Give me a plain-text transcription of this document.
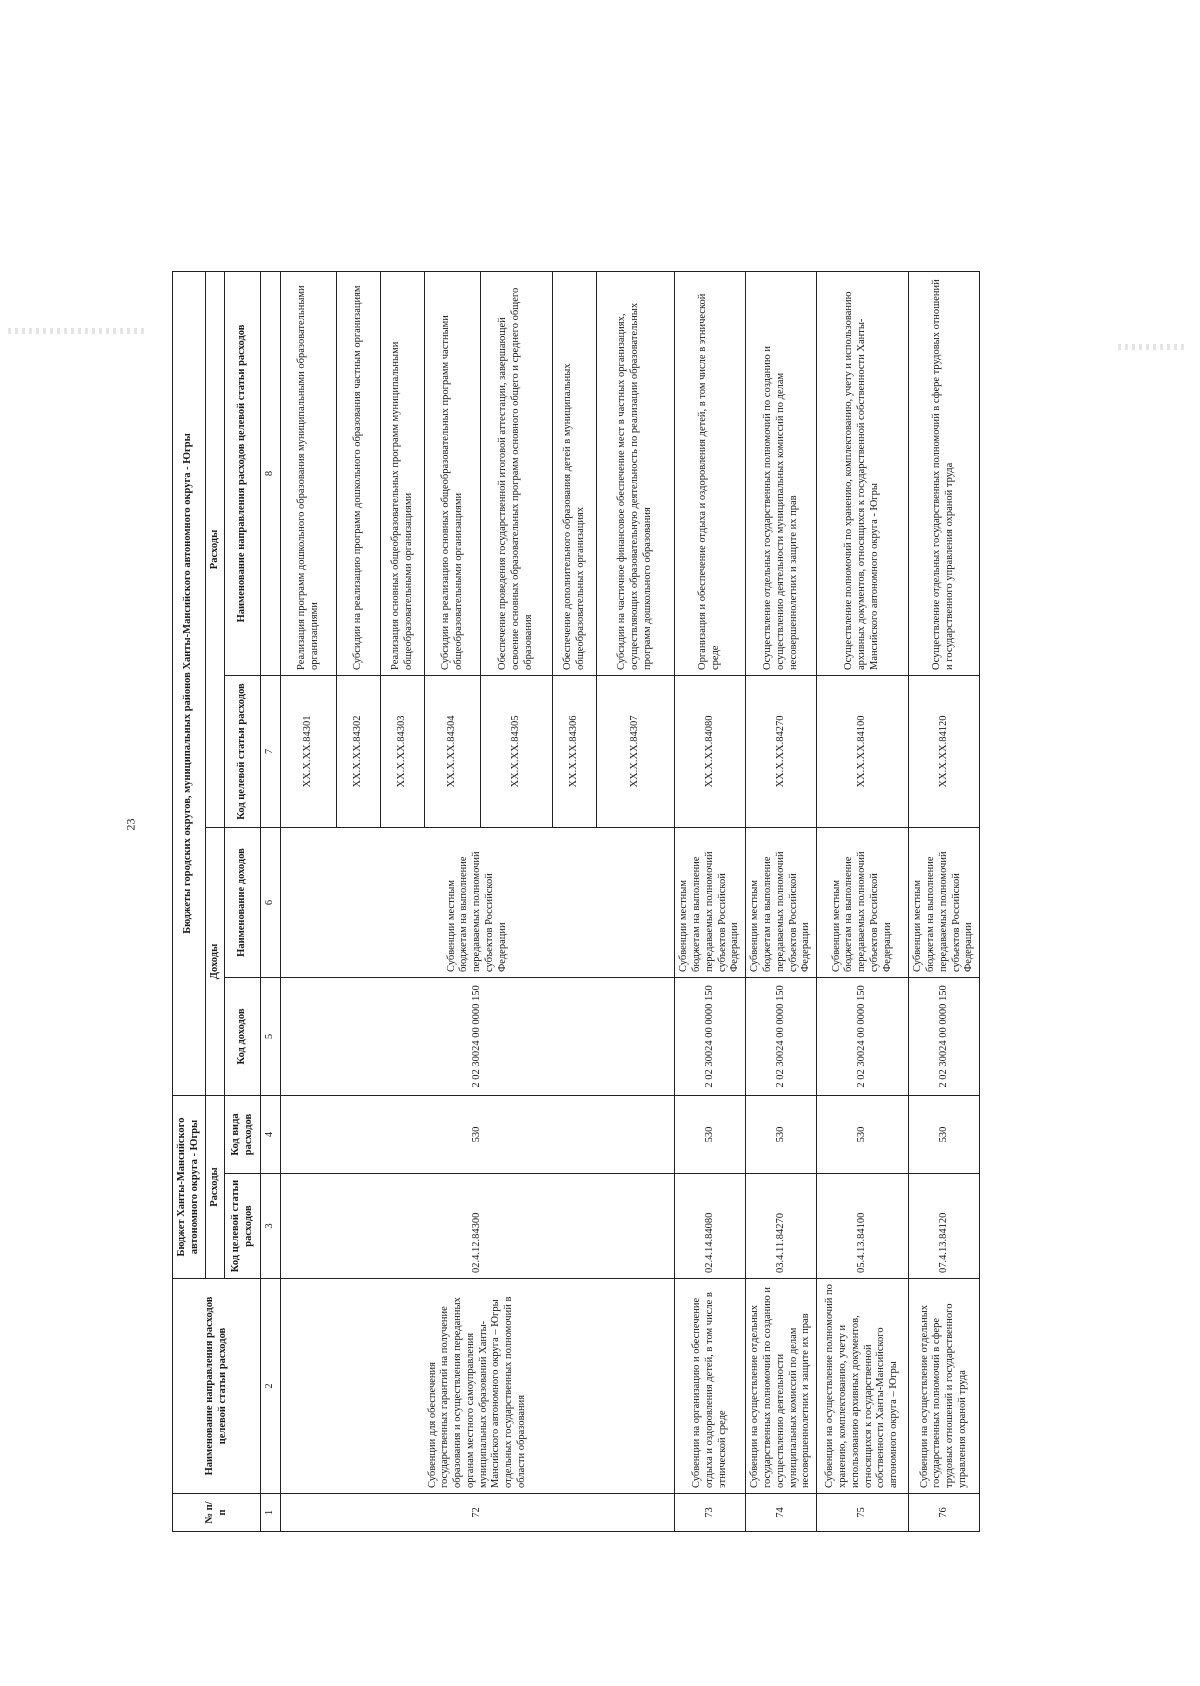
23
№ п/п	Наименование направления расходов целевой статьи расходов	Бюджет Ханты-Мансийского автономного округа - Югры		Бюджеты городских округов, муниципальных районов Ханты-Мансийского автономного округа - Югры			
		Расходы		Доходы		Расходы	
		Код целевой статьи расходов	Код вида расходов	Код доходов	Наименование доходов	Код целевой статьи расходов	Наименование направления расходов целевой статьи расходов
1	2	3	4	5	6	7	8
72	Субвенции для обеспечения государственных гарантий на получение образования и осуществления переданных органам местного самоуправления муниципальных образований Ханты-Мансийского автономного округа – Югры отдельных государственных полномочий в области образования	02.4.12.84300	530	2 02 30024 00 0000 150	Субвенции местным бюджетам на выполнение передаваемых полномочий субъектов Российской Федерации	XX.X.XX.84301	Реализация программ дошкольного образования муниципальными образовательными организациями
						XX.X.XX.84302	Субсидии на реализацию программ дошкольного образования частным организациям
						XX.X.XX.84303	Реализация основных общеобразовательных программ муниципальными общеобразовательными организациями
						XX.X.XX.84304	Субсидии на реализацию основных общеобразовательных программ частными общеобразовательными организациями
						XX.X.XX.84305	Обеспечение проведения государственной итоговой аттестации, завершающей освоение основных образовательных программ основного общего и среднего общего образования
						XX.X.XX.84306	Обеспечение дополнительного образования детей в муниципальных общеобразовательных организациях
						XX.X.XX.84307	Субсидии на частичное финансовое обеспечение мест в частных организациях, осуществляющих образовательную деятельность по реализации образовательных программ дошкольного образования
73	Субвенции на организацию и обеспечение отдыха и оздоровления детей, в том числе в этнической среде	02.4.14.84080	530	2 02 30024 00 0000 150	Субвенции местным бюджетам на выполнение передаваемых полномочий субъектов Российской Федерации	XX.X.XX.84080	Организация и обеспечение отдыха и оздоровления детей, в том числе в этнической среде
74	Субвенции на осуществление отдельных государственных полномочий по созданию и осуществлению деятельности муниципальных комиссий по делам несовершеннолетних и защите их прав	03.4.11.84270	530	2 02 30024 00 0000 150	Субвенции местным бюджетам на выполнение передаваемых полномочий субъектов Российской Федерации	XX.X.XX.84270	Осуществление отдельных государственных полномочий по созданию и осуществлению деятельности муниципальных комиссий по делам несовершеннолетних и защите их прав
75	Субвенции на осуществление полномочий по хранению, комплектованию, учету и использованию архивных документов, относящихся к государственной собственности Ханты-Мансийского автономного округа – Югры	05.4.13.84100	530	2 02 30024 00 0000 150	Субвенции местным бюджетам на выполнение передаваемых полномочий субъектов Российской Федерации	XX.X.XX.84100	Осуществление полномочий по хранению, комплектованию, учету и использованию архивных документов, относящихся к государственной собственности Ханты-Мансийского автономного округа - Югры
76	Субвенции на осуществление отдельных государственных полномочий в сфере трудовых отношений и государственного управления охраной труда	07.4.13.84120	530	2 02 30024 00 0000 150	Субвенции местным бюджетам на выполнение передаваемых полномочий субъектов Российской Федерации	XX.X.XX.84120	Осуществление отдельных государственных полномочий в сфере трудовых отношений и государственного управления охраной труда
